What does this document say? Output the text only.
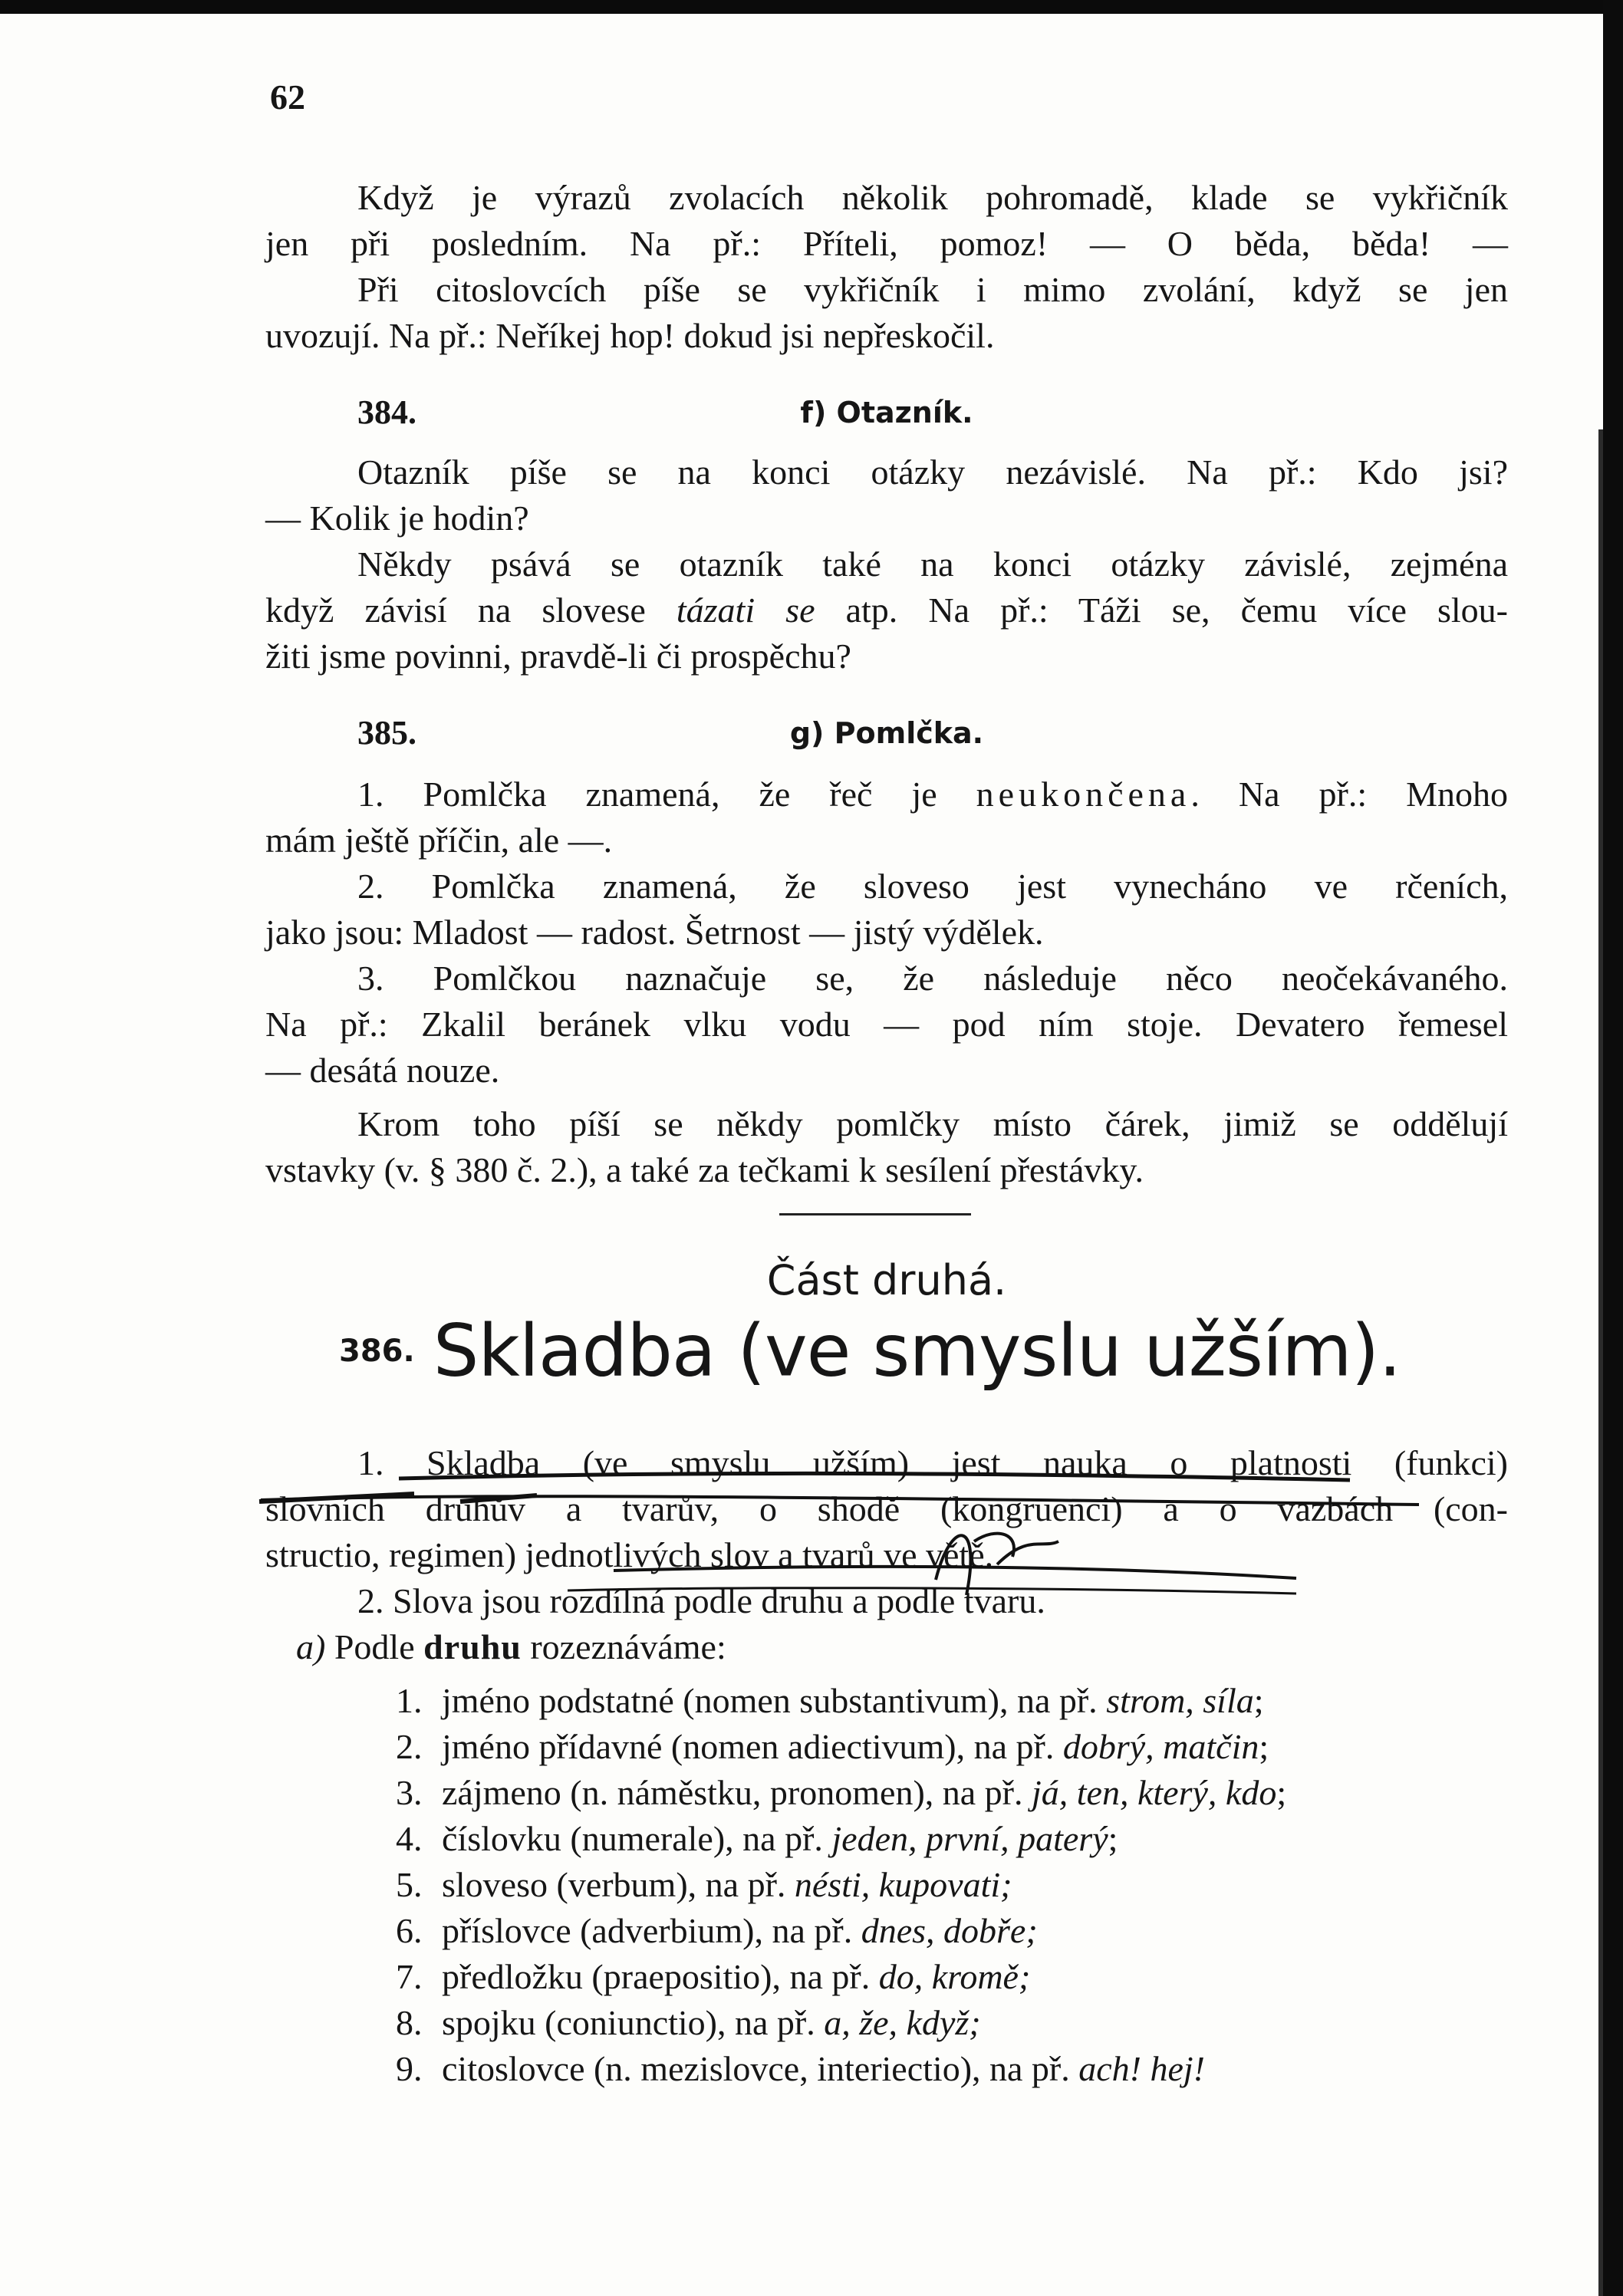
62
Když je výrazů zvolacích několik pohromadě, klade se vykřičník
jen při posledním. Na př.: Příteli, pomoz! — O běda, běda! —
Při citoslovcích píše se vykřičník i mimo zvolání, když se jen
uvozují. Na př.: Neříkej hop! dokud jsi nepřeskočil.
384.	f) Otazník.
Otazník píše se na konci otázky nezávislé. Na př.: Kdo jsi?
— Kolik je hodin?
Někdy psává se otazník také na konci otázky závislé, zejména
když závisí na slovese tázati se atp. Na př.: Táži se, čemu více slou-
žiti jsme povinni, pravdě-li či prospěchu?
385.	g) Pomlčka.
1. Pomlčka znamená, že řeč je neukončena. Na př.: Mnoho
mám ještě příčin, ale —.
2. Pomlčka znamená, že sloveso jest vynecháno ve rčeních,
jako jsou: Mladost — radost. Šetrnost — jistý výdělek.
3. Pomlčkou naznačuje se, že následuje něco neočekávaného.
Na př.: Zkalil beránek vlku vodu — pod ním stoje. Devatero řemesel
— desátá nouze.
Krom toho píší se někdy pomlčky místo čárek, jimiž se oddělují
vstavky (v. § 380 č. 2.), a také za tečkami k sesílení přestávky.
Část druhá.
386. Skladba (ve smyslu užším).
1. Skladba (ve smyslu užším) jest nauka o platnosti (funkci)
slovních druhův a tvarův, o shodě (kongruenci) a o vazbách (con-
structio, regimen) jednotlivých slov a tvarů ve větě.
2. Slova jsou rozdílná podle druhu a podle tvaru.
a) Podle druhu rozeznáváme:
1. jméno podstatné (nomen substantivum), na př. strom, síla;
2. jméno přídavné (nomen adiectivum), na př. dobrý, matčin;
3. zájmeno (n. náměstku, pronomen), na př. já, ten, který, kdo;
4. číslovku (numerale), na př. jeden, první, paterý;
5. sloveso (verbum), na př. nésti, kupovati;
6. příslovce (adverbium), na př. dnes, dobře;
7. předložku (praepositio), na př. do, kromě;
8. spojku (coniunctio), na př. a, že, když;
9. citoslovce (n. mezislovce, interiectio), na př. ach! hej!
